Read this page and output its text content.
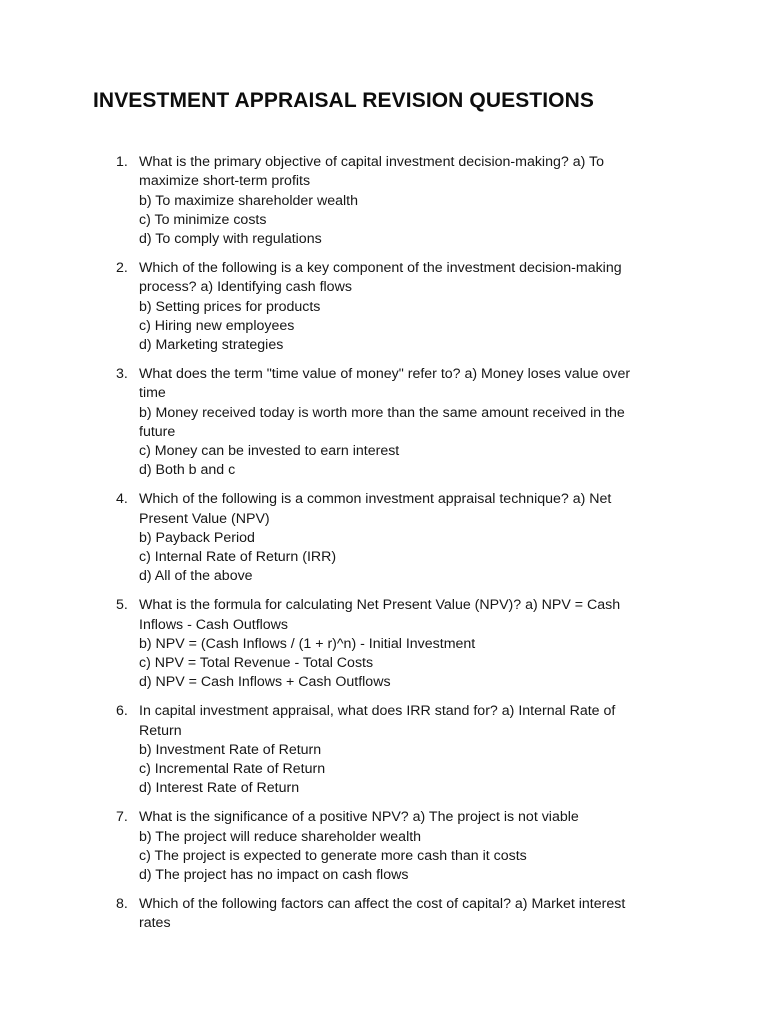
INVESTMENT APPRAISAL REVISION QUESTIONS
1. What is the primary objective of capital investment decision-making? a) To
maximize short-term profits
b) To maximize shareholder wealth
c) To minimize costs
d) To comply with regulations
2. Which of the following is a key component of the investment decision-making
process? a) Identifying cash flows
b) Setting prices for products
c) Hiring new employees
d) Marketing strategies
3. What does the term "time value of money" refer to? a) Money loses value over
time
b) Money received today is worth more than the same amount received in the
future
c) Money can be invested to earn interest
d) Both b and c
4. Which of the following is a common investment appraisal technique? a) Net
Present Value (NPV)
b) Payback Period
c) Internal Rate of Return (IRR)
d) All of the above
5. What is the formula for calculating Net Present Value (NPV)? a) NPV = Cash
Inflows - Cash Outflows
b) NPV = (Cash Inflows / (1 + r)^n) - Initial Investment
c) NPV = Total Revenue - Total Costs
d) NPV = Cash Inflows + Cash Outflows
6. In capital investment appraisal, what does IRR stand for? a) Internal Rate of
Return
b) Investment Rate of Return
c) Incremental Rate of Return
d) Interest Rate of Return
7. What is the significance of a positive NPV? a) The project is not viable
b) The project will reduce shareholder wealth
c) The project is expected to generate more cash than it costs
d) The project has no impact on cash flows
8. Which of the following factors can affect the cost of capital? a) Market interest
rates
